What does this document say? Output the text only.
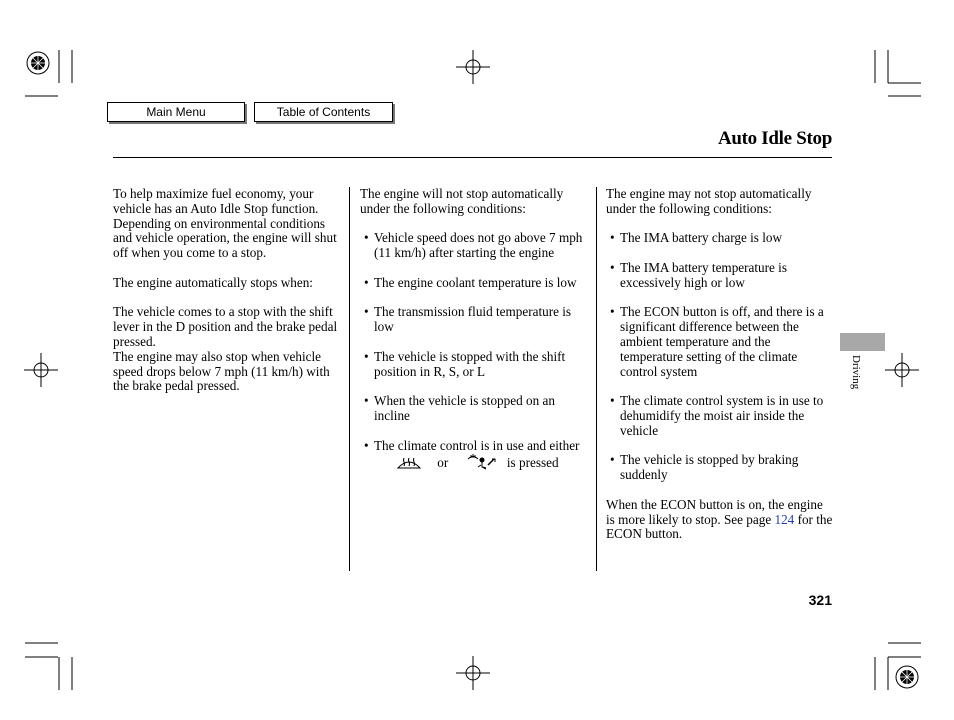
Main Menu	Table of Contents
Auto Idle Stop

To help maximize fuel economy, your vehicle has an Auto Idle Stop function. Depending on environmental conditions and vehicle operation, the engine will shut off when you come to a stop.

The engine automatically stops when:

The vehicle comes to a stop with the shift lever in the D position and the brake pedal pressed.

The engine may also stop when vehicle speed drops below 7 mph (11 km/h) with the brake pedal pressed.

The engine will not stop automatically under the following conditions:

• Vehicle speed does not go above 7 mph (11 km/h) after starting the engine
• The engine coolant temperature is low
• The transmission fluid temperature is low
• The vehicle is stopped with the shift position in R, S, or L
• When the vehicle is stopped on an incline
• The climate control is in use and either  or	is pressed

The engine may not stop automatically under the following conditions:

• The IMA battery charge is low
• The IMA battery temperature is excessively high or low
• The ECON button is off, and there is a significant difference between the ambient temperature and the temperature setting of the climate control system
• The climate control system is in use to dehumidify the moist air inside the vehicle
• The vehicle is stopped by braking suddenly

When the ECON button is on, the engine is more likely to stop. See page 124 for the ECON button.

Driving
321
